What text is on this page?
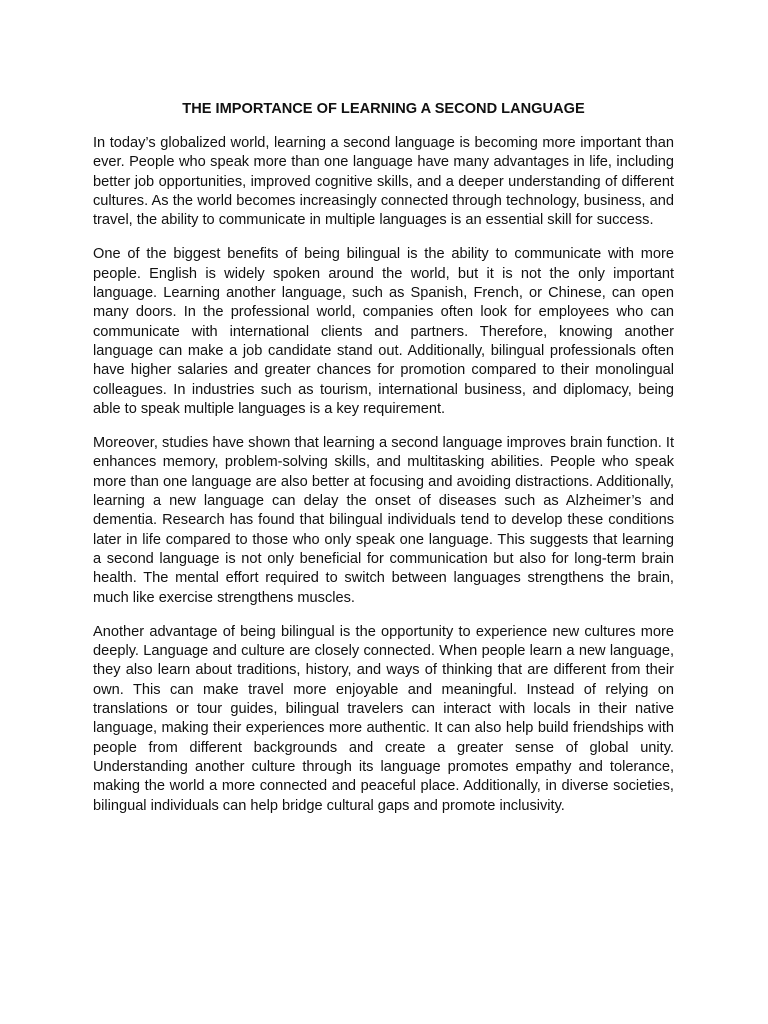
THE IMPORTANCE OF LEARNING A SECOND LANGUAGE

In today’s globalized world, learning a second language is becoming more important than ever. People who speak more than one language have many advantages in life, including better job opportunities, improved cognitive skills, and a deeper understanding of different cultures. As the world becomes increasingly connected through technology, business, and travel, the ability to communicate in multiple languages is an essential skill for success.

One of the biggest benefits of being bilingual is the ability to communicate with more people. English is widely spoken around the world, but it is not the only important language. Learning another language, such as Spanish, French, or Chinese, can open many doors. In the professional world, companies often look for employees who can communicate with international clients and partners. Therefore, knowing another language can make a job candidate stand out. Additionally, bilingual professionals often have higher salaries and greater chances for promotion compared to their monolingual colleagues. In industries such as tourism, international business, and diplomacy, being able to speak multiple languages is a key requirement.

Moreover, studies have shown that learning a second language improves brain function. It enhances memory, problem-solving skills, and multitasking abilities. People who speak more than one language are also better at focusing and avoiding distractions. Additionally, learning a new language can delay the onset of diseases such as Alzheimer’s and dementia. Research has found that bilingual individuals tend to develop these conditions later in life compared to those who only speak one language. This suggests that learning a second language is not only beneficial for communication but also for long-term brain health. The mental effort required to switch between languages strengthens the brain, much like exercise strengthens muscles.

Another advantage of being bilingual is the opportunity to experience new cultures more deeply. Language and culture are closely connected. When people learn a new language, they also learn about traditions, history, and ways of thinking that are different from their own. This can make travel more enjoyable and meaningful. Instead of relying on translations or tour guides, bilingual travelers can interact with locals in their native language, making their experiences more authentic. It can also help build friendships with people from different backgrounds and create a greater sense of global unity. Understanding another culture through its language promotes empathy and tolerance, making the world a more connected and peaceful place. Additionally, in diverse societies, bilingual individuals can help bridge cultural gaps and promote inclusivity.
